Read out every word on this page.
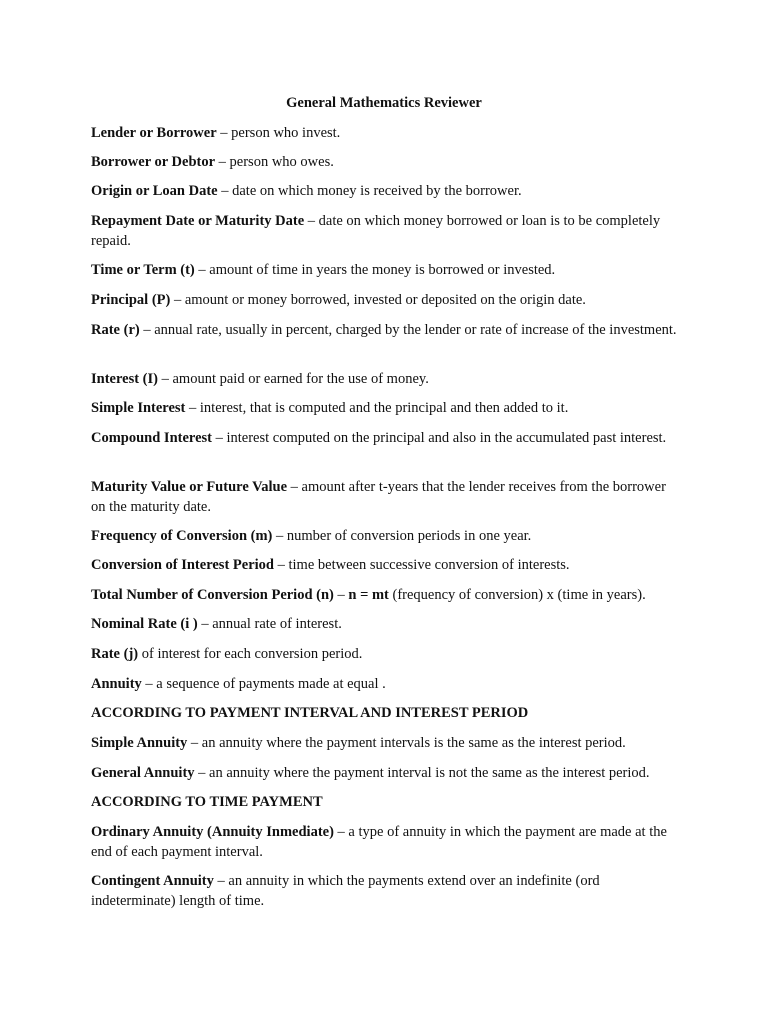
General Mathematics Reviewer
Lender or Borrower – person who invest.
Borrower or Debtor – person who owes.
Origin or Loan Date – date on which money is received by the borrower.
Repayment Date or Maturity Date – date on which money borrowed or loan is to be completely repaid.
Time or Term (t) – amount of time in years the money is borrowed or invested.
Principal (P) – amount or money borrowed, invested or deposited on the origin date.
Rate (r) – annual rate, usually in percent, charged by the lender or rate of increase of the investment.
Interest (I) – amount paid or earned for the use of money.
Simple Interest – interest, that is computed and the principal and then added to it.
Compound Interest – interest computed on the principal and also in the accumulated past interest.
Maturity Value or Future Value – amount after t-years that the lender receives from the borrower on the maturity date.
Frequency of Conversion (m) – number of conversion periods in one year.
Conversion of Interest Period – time between successive conversion of interests.
Total Number of Conversion Period (n) – n = mt (frequency of conversion) x (time in years).
Nominal Rate (i ) – annual rate of interest.
Rate (j) of interest for each conversion period.
Annuity – a sequence of payments made at equal .
ACCORDING TO PAYMENT INTERVAL AND INTEREST PERIOD
Simple Annuity – an annuity where the payment intervals is the same as the interest period.
General Annuity – an annuity where the payment interval is not the same as the interest period.
ACCORDING TO TIME PAYMENT
Ordinary Annuity (Annuity Inmediate) – a type of annuity in which the payment are made at the end of each payment interval.
Contingent Annuity – an annuity in which the payments extend over an indefinite (ord indeterminate) length of time.
